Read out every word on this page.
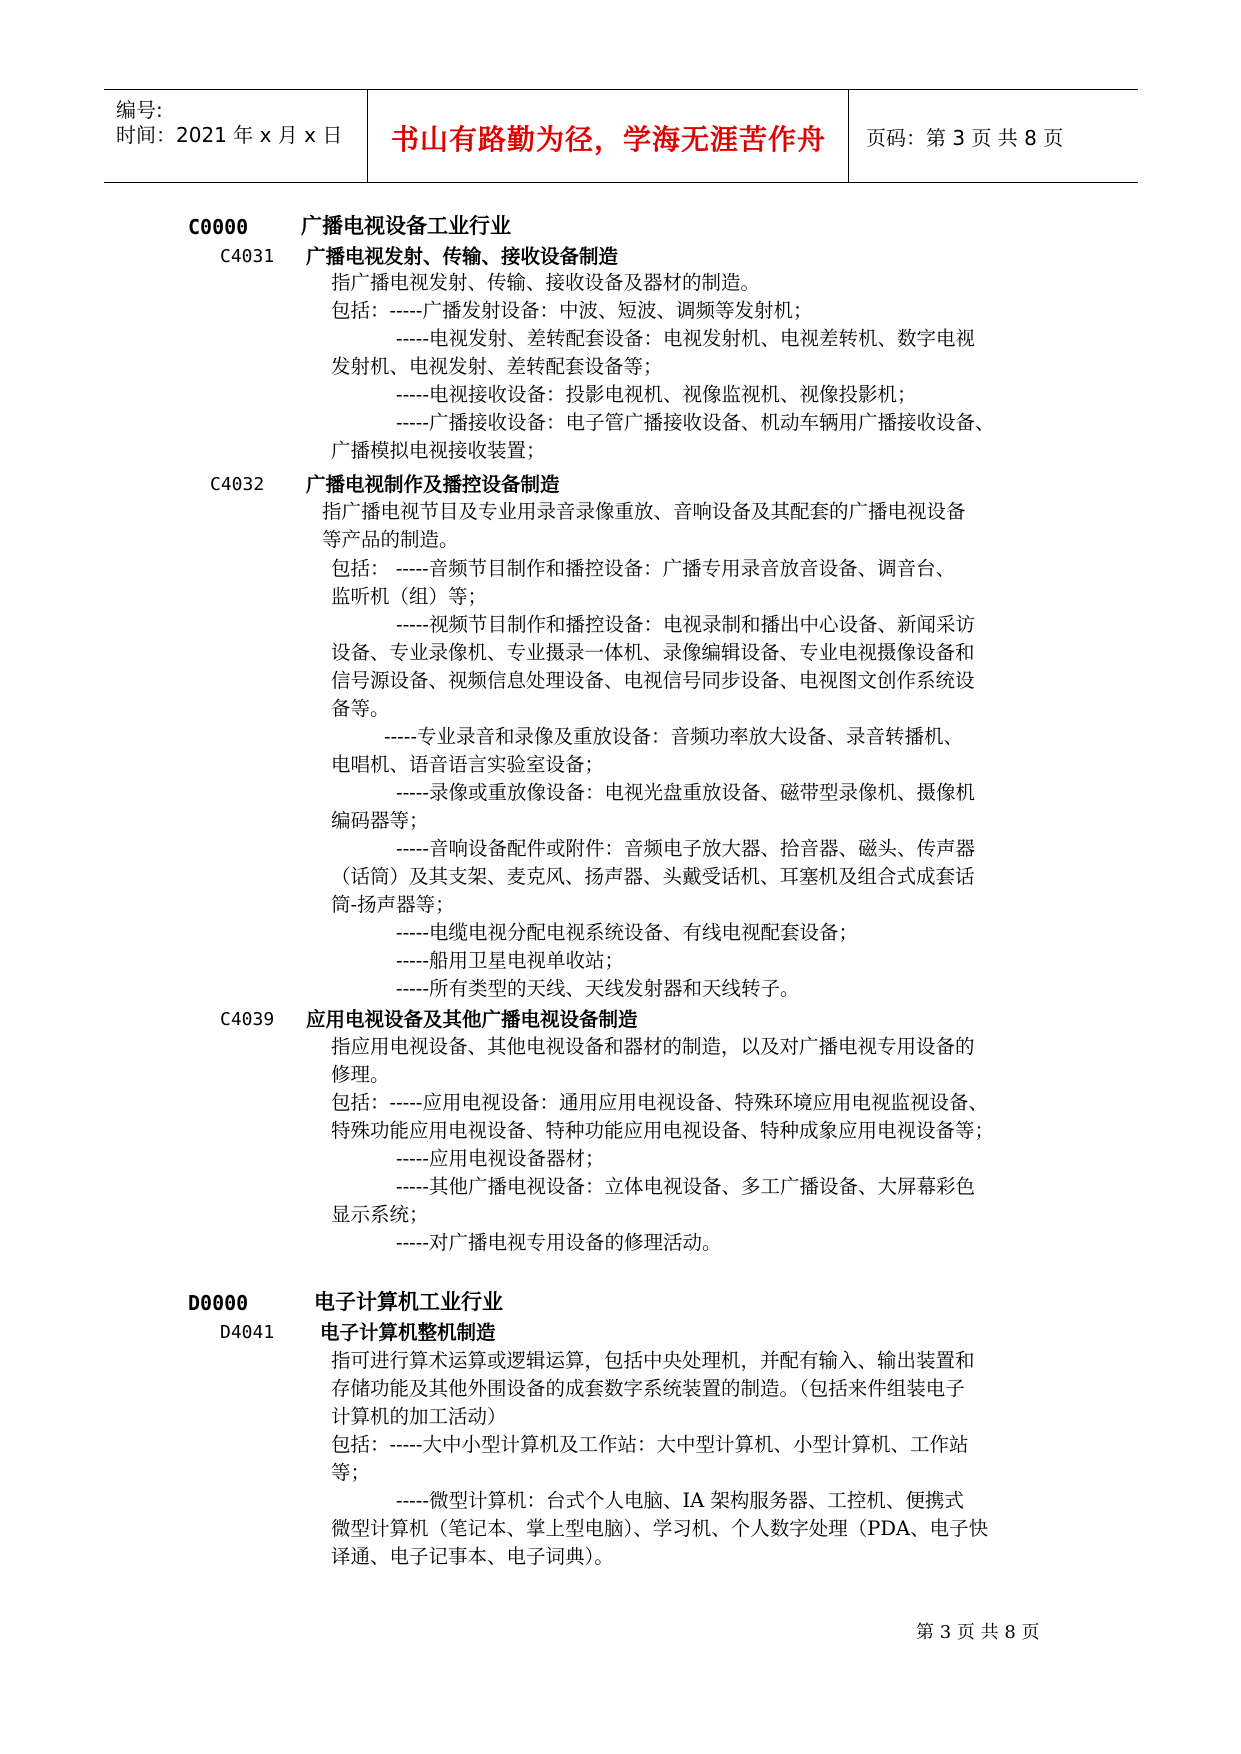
编号:
时间：2021 年 x 月 x 日	书山有路勤为径，学海无涯苦作舟	页码：第 3 页 共 8 页
C0000	广播电视设备工业行业
C4031 广播电视发射、传输、接收设备制造
指广播电视发射、传输、接收设备及器材的制造。
包括：-----广播发射设备：中波、短波、调频等发射机；
-----电视发射、差转配套设备：电视发射机、电视差转机、数字电视
发射机、电视发射、差转配套设备等；
-----电视接收设备：投影电视机、视像监视机、视像投影机；
-----广播接收设备：电子管广播接收设备、机动车辆用广播接收设备、
广播模拟电视接收装置；
C4032 广播电视制作及播控设备制造
指广播电视节目及专业用录音录像重放、音响设备及其配套的广播电视设备
等产品的制造。
包括： -----音频节目制作和播控设备：广播专用录音放音设备、调音台、
监听机（组）等；
-----视频节目制作和播控设备：电视录制和播出中心设备、新闻采访
设备、专业录像机、专业摄录一体机、录像编辑设备、专业电视摄像设备和
信号源设备、视频信息处理设备、电视信号同步设备、电视图文创作系统设
备等。
-----专业录音和录像及重放设备：音频功率放大设备、录音转播机、
电唱机、语音语言实验室设备；
-----录像或重放像设备：电视光盘重放设备、磁带型录像机、摄像机
编码器等；
-----音响设备配件或附件：音频电子放大器、拾音器、磁头、传声器
（话筒）及其支架、麦克风、扬声器、头戴受话机、耳塞机及组合式成套话
筒-扬声器等；
-----电缆电视分配电视系统设备、有线电视配套设备；
-----船用卫星电视单收站；
-----所有类型的天线、天线发射器和天线转子。
C4039 应用电视设备及其他广播电视设备制造
指应用电视设备、其他电视设备和器材的制造，以及对广播电视专用设备的
修理。
包括：-----应用电视设备：通用应用电视设备、特殊环境应用电视监视设备、
特殊功能应用电视设备、特种功能应用电视设备、特种成象应用电视设备等；
-----应用电视设备器材；
-----其他广播电视设备：立体电视设备、多工广播设备、大屏幕彩色
显示系统；
-----对广播电视专用设备的修理活动。
D0000	电子计算机工业行业
D4041 电子计算机整机制造
指可进行算术运算或逻辑运算，包括中央处理机，并配有输入、输出装置和
存储功能及其他外围设备的成套数字系统装置的制造。（包括来件组装电子
计算机的加工活动）
包括：-----大中小型计算机及工作站：大中型计算机、小型计算机、工作站
等；
-----微型计算机：台式个人电脑、IA 架构服务器、工控机、便携式
微型计算机（笔记本、掌上型电脑）、学习机、个人数字处理（PDA、电子快
译通、电子记事本、电子词典）。
第 3 页 共 8 页
